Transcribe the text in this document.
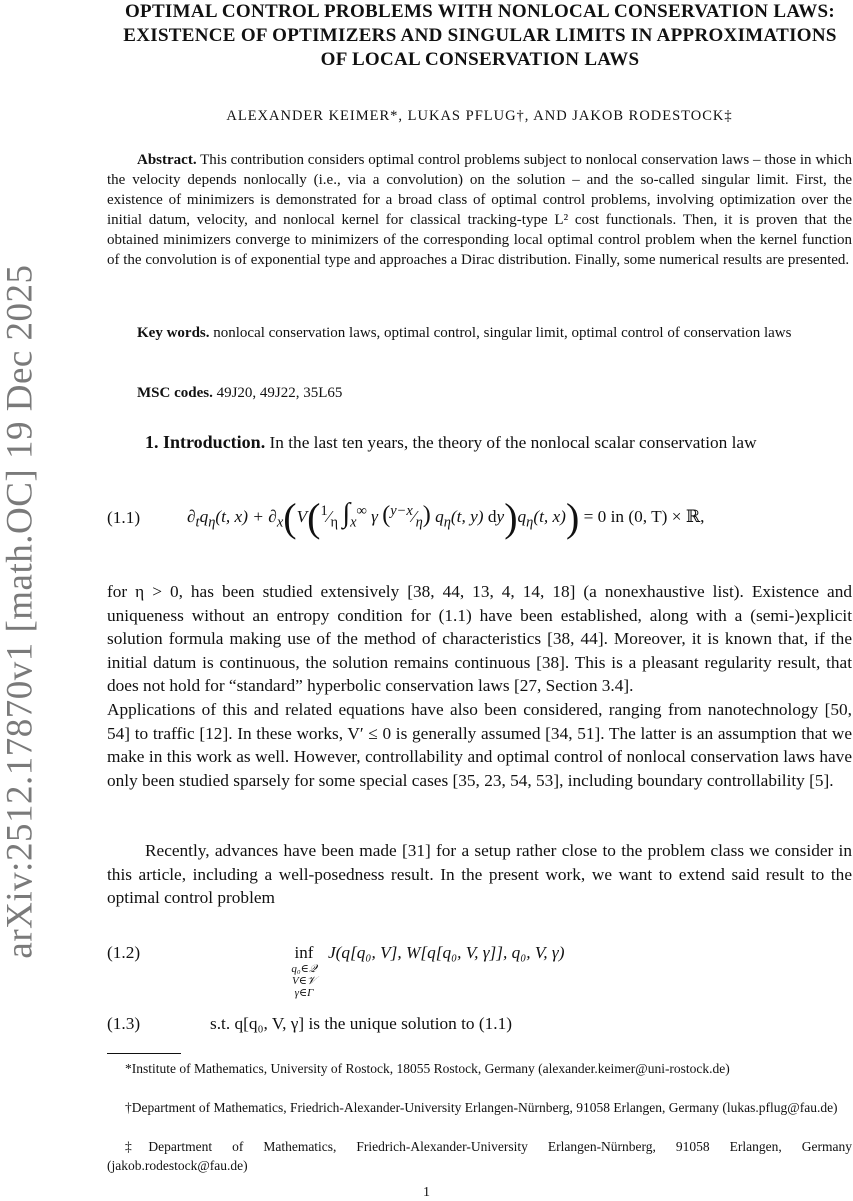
arXiv:2512.17870v1 [math.OC] 19 Dec 2025
OPTIMAL CONTROL PROBLEMS WITH NONLOCAL CONSERVATION LAWS: EXISTENCE OF OPTIMIZERS AND SINGULAR LIMITS IN APPROXIMATIONS OF LOCAL CONSERVATION LAWS
ALEXANDER KEIMER*, LUKAS PFLUG†, AND JAKOB RODESTOCK‡
Abstract. This contribution considers optimal control problems subject to nonlocal conservation laws – those in which the velocity depends nonlocally (i.e., via a convolution) on the solution – and the so-called singular limit. First, the existence of minimizers is demonstrated for a broad class of optimal control problems, involving optimization over the initial datum, velocity, and nonlocal kernel for classical tracking-type L² cost functionals. Then, it is proven that the obtained minimizers converge to minimizers of the corresponding local optimal control problem when the kernel function of the convolution is of exponential type and approaches a Dirac distribution. Finally, some numerical results are presented.
Key words. nonlocal conservation laws, optimal control, singular limit, optimal control of conservation laws
MSC codes. 49J20, 49J22, 35L65
1. Introduction. In the last ten years, the theory of the nonlocal scalar conservation law
(1.1)	$\partial_tq_\eta(t$, $x) + \partial_x(V(^1⁄_\eta$ $\int_x^\infty$ γ $(^{y-x}⁄_\eta)$ $q_\eta(t$, y) $dy)q_\eta(t$, x)) = 0 in (0, T) × ℝ,
for η > 0, has been studied extensively [38, 44, 13, 4, 14, 18] (a nonexhaustive list). Existence and uniqueness without an entropy condition for (1.1) have been established, along with a (semi-)explicit solution formula making use of the method of characteristics [38, 44]. Moreover, it is known that, if the initial datum is continuous, the solution remains continuous [38]. This is a pleasant regularity result, that does not hold for “standard” hyperbolic conservation laws [27, Section 3.4].
Applications of this and related equations have also been considered, ranging from nanotechnology [50, 54] to traffic [12]. In these works, V′ ≤ 0 is generally assumed [34, 51]. The latter is an assumption that we make in this work as well. However, controllability and optimal control of nonlocal conservation laws have only been studied sparsely for some special cases [35, 23, 54, 53], including boundary controllability [5].
Recently, advances have been made [31] for a setup rather close to the problem class we consider in this article, including a well-posedness result. In the present work, we want to extend said result to the optimal control problem
(1.2)	inf
q₀∈𝒬
V∈𝒱
γ∈Γ
J(q[q₀, V], W[q[q₀, V, γ]], q₀, V, γ)
(1.3)	s.t. q[q₀, V, γ] is the unique solution to (1.1)
*Institute of Mathematics, University of Rostock, 18055 Rostock, Germany (alexander.keimer@uni-rostock.de)
†Department of Mathematics, Friedrich-Alexander-University Erlangen-Nürnberg, 91058 Erlangen, Germany (lukas.pflug@fau.de)
‡Department of Mathematics, Friedrich-Alexander-University Erlangen-Nürnberg, 91058 Erlangen, Germany (jakob.rodestock@fau.de)
1
